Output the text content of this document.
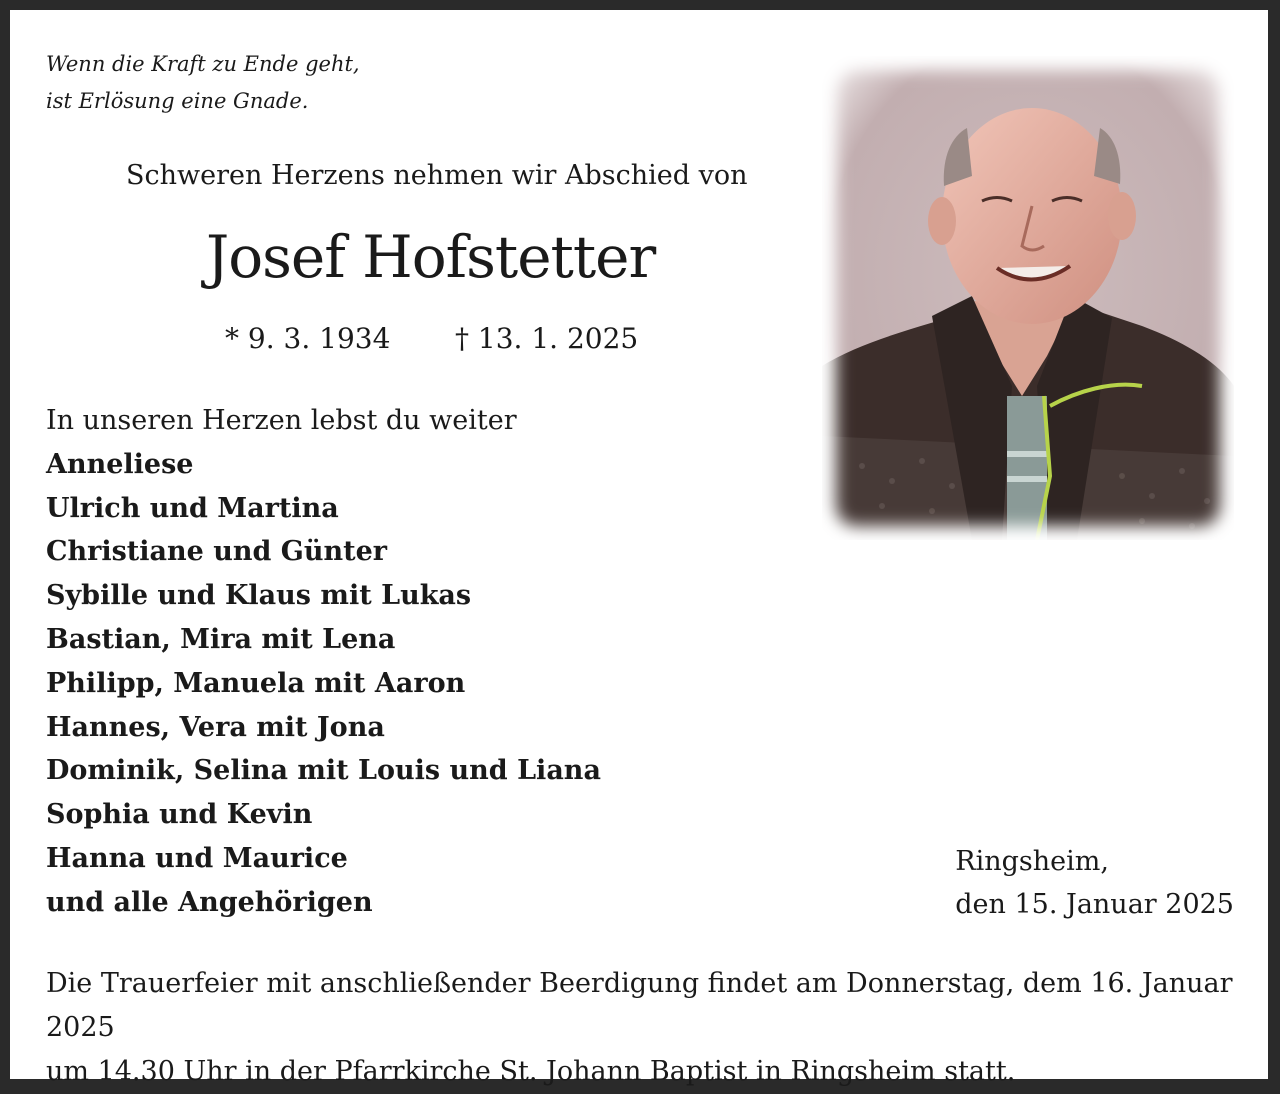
Wenn die Kraft zu Ende geht,
ist Erlösung eine Gnade.
Schweren Herzens nehmen wir Abschied von
Josef Hofstetter
* 9. 3. 1934 † 13. 1. 2025
In unseren Herzen lebst du weiter
Anneliese
Ulrich und Martina
Christiane und Günter
Sybille und Klaus mit Lukas
Bastian, Mira mit Lena
Philipp, Manuela mit Aaron
Hannes, Vera mit Jona
Dominik, Selina mit Louis und Liana
Sophia und Kevin
Hanna und Maurice
und alle Angehörigen
Ringsheim,
den 15. Januar 2025
Die Trauerfeier mit anschließender Beerdigung findet am Donnerstag, dem 16. Januar 2025
um 14.30 Uhr in der Pfarrkirche St. Johann Baptist in Ringsheim statt.
